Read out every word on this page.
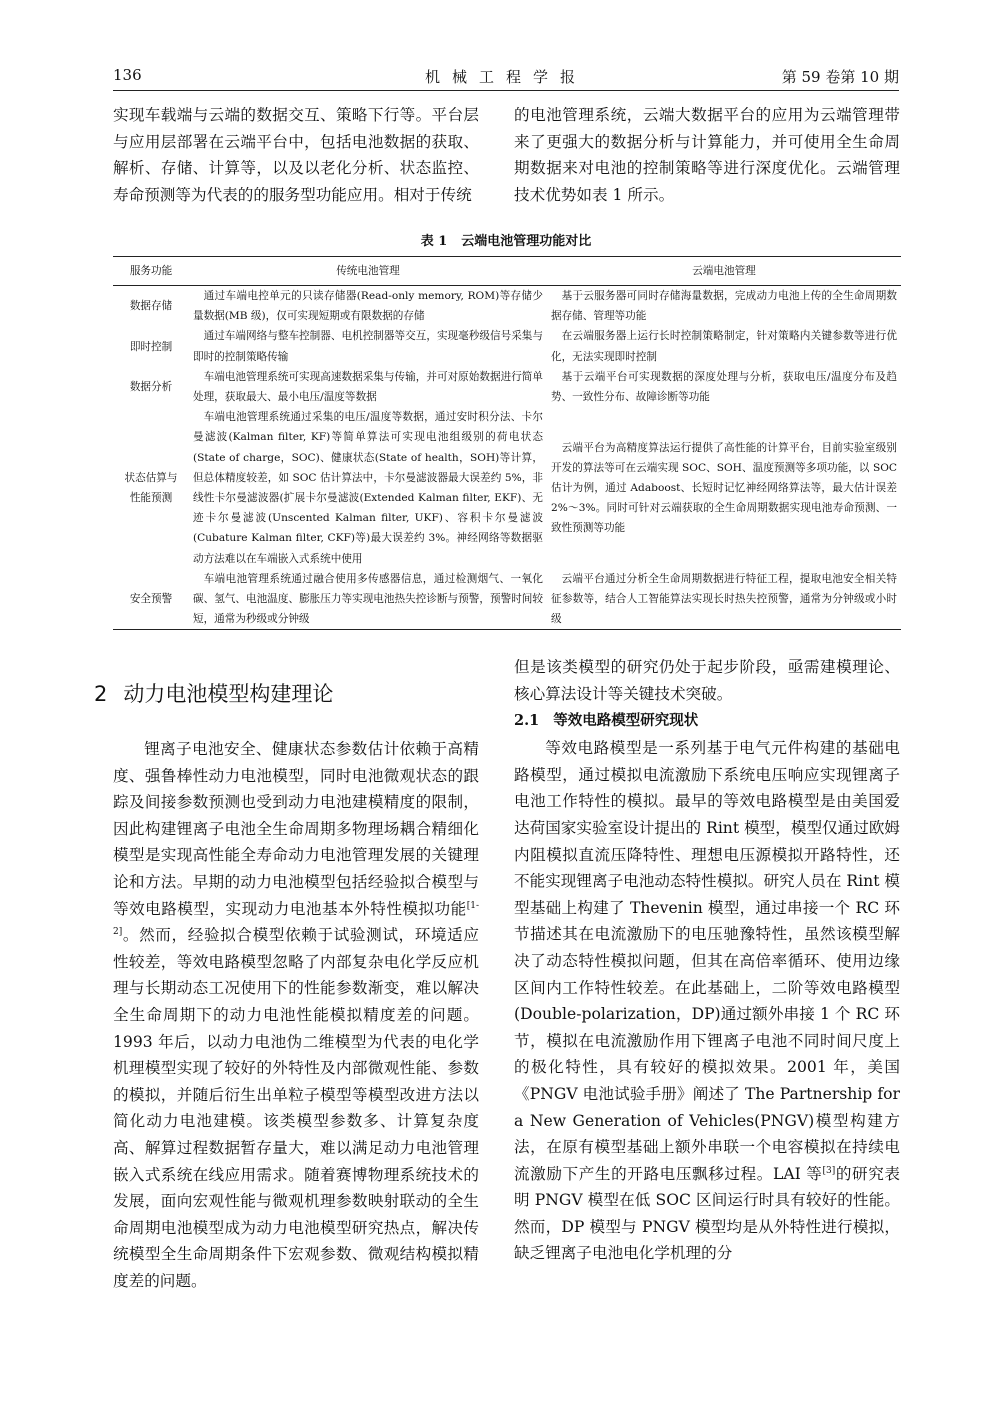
136	机械工程学报	第 59 卷第 10 期

实现车载端与云端的数据交互、策略下行等。平台层与应用层部署在云端平台中，包括电池数据的获取、解析、存储、计算等，以及以老化分析、状态监控、寿命预测等为代表的的服务型功能应用。相对于传统

的电池管理系统，云端大数据平台的应用为云端管理带来了更强大的数据分析与计算能力，并可使用全生命周期数据来对电池的控制策略等进行深度优化。云端管理技术优势如表 1 所示。

表 1 云端电池管理功能对比
服务功能	传统电池管理	云端电池管理
数据存储	通过车端电控单元的只读存储器(Read-only memory, ROM)等存储少量数据(MB 级)，仅可实现短期或有限数据的存储	基于云服务器可同时存储海量数据，完成动力电池上传的全生命周期数据存储、管理等功能

即时控制	通过车端网络与整车控制器、电机控制器等交互，实现毫秒级信号采集与即时的控制策略传输	在云端服务器上运行长时控制策略制定，针对策略内关键参数等进行优化，无法实现即时控制

数据分析	车端电池管理系统可实现高速数据采集与传输，并可对原始数据进行简单处理，获取最大、最小电压/温度等数据	基于云端平台可实现数据的深度处理与分析，获取电压/温度分布及趋势、一致性分布、故障诊断等功能

状态估算与性能预测	车端电池管理系统通过采集的电压/温度等数据，通过安时积分法、卡尔曼滤波(Kalman filter, KF)等简单算法可实现电池组级别的荷电状态(State of charge，SOC)、健康状态(State of health，SOH)等计算，但总体精度较差，如 SOC 估计算法中，卡尔曼滤波器最大误差约 5%，非线性卡尔曼滤波器(扩展卡尔曼滤波(Extended Kalman filter, EKF)、无迹卡尔曼滤波(Unscented Kalman filter, UKF)、容积卡尔曼滤波(Cubature Kalman filter, CKF)等)最大误差约 3%。神经网络等数据驱动方法难以在车端嵌入式系统中使用	云端平台为高精度算法运行提供了高性能的计算平台，目前实验室级别开发的算法等可在云端实现 SOC、SOH、温度预测等多项功能，以 SOC 估计为例，通过 Adaboost、长短时记忆神经网络算法等，最大估计误差 2%～3%。同时可针对云端获取的全生命周期数据实现电池寿命预测、一致性预测等功能

安全预警	车端电池管理系统通过融合使用多传感器信息，通过检测烟气、一氧化碳、氢气、电池温度、膨胀压力等实现电池热失控诊断与预警，预警时间较短，通常为秒级或分钟级	云端平台通过分析全生命周期数据进行特征工程，提取电池安全相关特征参数等，结合人工智能算法实现长时热失控预警，通常为分钟级或小时级
2 动力电池模型构建理论

锂离子电池安全、健康状态参数估计依赖于高精度、强鲁棒性动力电池模型，同时电池微观状态的跟踪及间接参数预测也受到动力电池建模精度的限制，因此构建锂离子电池全生命周期多物理场耦合精细化模型是实现高性能全寿命动力电池管理发展的关键理论和方法。早期的动力电池模型包括经验拟合模型与等效电路模型，实现动力电池基本外特性模拟功能[1-2]。然而，经验拟合模型依赖于试验测试，环境适应性较差，等效电路模型忽略了内部复杂电化学反应机理与长期动态工况使用下的性能参数渐变，难以解决全生命周期下的动力电池性能模拟精度差的问题。1993 年后，以动力电池伪二维模型为代表的电化学机理模型实现了较好的外特性及内部微观性能、参数的模拟，并随后衍生出单粒子模型等模型改进方法以简化动力电池建模。该类模型参数多、计算复杂度高、解算过程数据暂存量大，难以满足动力电池管理嵌入式系统在线应用需求。随着赛博物理系统技术的发展，面向宏观性能与微观机理参数映射联动的全生命周期电池模型成为动力电池模型研究热点，解决传统模型全生命周期条件下宏观参数、微观结构模拟精度差的问题。

但是该类模型的研究仍处于起步阶段，亟需建模理论、核心算法设计等关键技术突破。

2.1 等效电路模型研究现状

等效电路模型是一系列基于电气元件构建的基础电路模型，通过模拟电流激励下系统电压响应实现锂离子电池工作特性的模拟。最早的等效电路模型是由美国爱达荷国家实验室设计提出的 Rint 模型，模型仅通过欧姆内阻模拟直流压降特性、理想电压源模拟开路特性，还不能实现锂离子电池动态特性模拟。研究人员在 Rint 模型基础上构建了 Thevenin 模型，通过串接一个 RC 环节描述其在电流激励下的电压驰豫特性，虽然该模型解决了动态特性模拟问题，但其在高倍率循环、使用边缘区间内工作特性较差。在此基础上，二阶等效电路模型(Double-polarization，DP)通过额外串接 1 个 RC 环节，模拟在电流激励作用下锂离子电池不同时间尺度上的极化特性，具有较好的模拟效果。2001 年，美国《PNGV 电池试验手册》阐述了 The Partnership for a New Generation of Vehicles(PNGV)模型构建方法，在原有模型基础上额外串联一个电容模拟在持续电流激励下产生的开路电压飘移过程。LAI 等[3]的研究表明 PNGV 模型在低 SOC 区间运行时具有较好的性能。然而，DP 模型与 PNGV 模型均是从外特性进行模拟，缺乏锂离子电池电化学机理的分
